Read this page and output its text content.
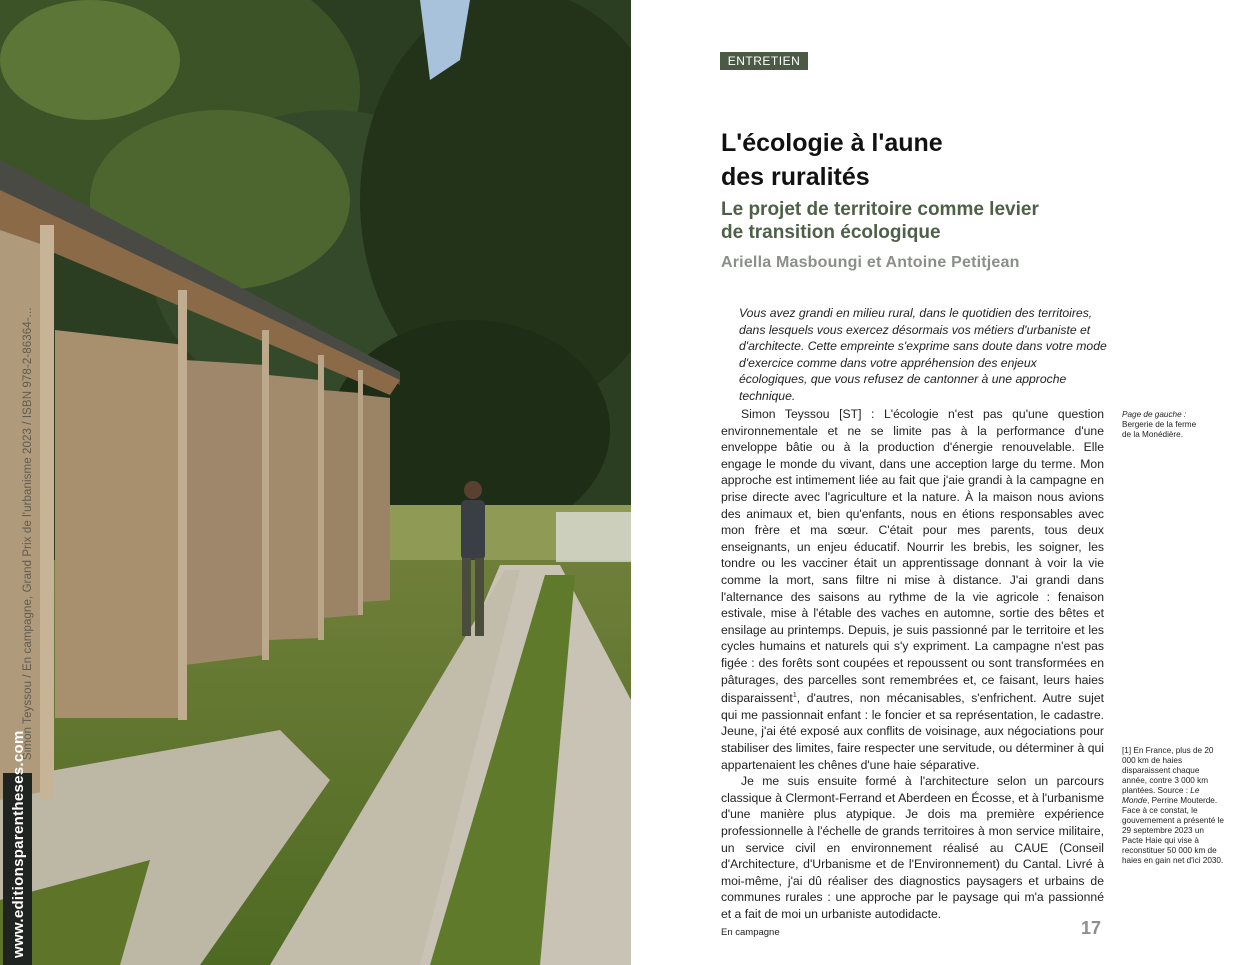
Simon Teyssou / En campagne, Grand Prix de l'urbanisme 2023 / ISBN 978-2-86364-...
www.editionsparentheses.com
ENTRETIEN
L'écologie à l'aune
des ruralités
Le projet de territoire comme levier
de transition écologique
Ariella Masboungi et Antoine Petitjean

Vous avez grandi en milieu rural, dans le quotidien des territoires, dans lesquels vous exercez désormais vos métiers d'urbaniste et d'architecte. Cette empreinte s'exprime sans doute dans votre mode d'exercice comme dans votre appréhension des enjeux écologiques, que vous refusez de cantonner à une approche technique.

Simon Teyssou [ST] : L'écologie n'est pas qu'une question environnementale et ne se limite pas à la performance d'une enveloppe bâtie ou à la production d'énergie renouvelable. Elle engage le monde du vivant, dans une acception large du terme. Mon approche est intimement liée au fait que j'aie grandi à la campagne en prise directe avec l'agriculture et la nature. À la maison nous avions des animaux et, bien qu'enfants, nous en étions responsables avec mon frère et ma sœur. C'était pour mes parents, tous deux enseignants, un enjeu éducatif. Nourrir les brebis, les soigner, les tondre ou les vacciner était un apprentissage donnant à voir la vie comme la mort, sans filtre ni mise à distance. J'ai grandi dans l'alternance des saisons au rythme de la vie agricole : fenaison estivale, mise à l'étable des vaches en automne, sortie des bêtes et ensilage au printemps. Depuis, je suis passionné par le territoire et les cycles humains et naturels qui s'y expriment. La campagne n'est pas figée : des forêts sont coupées et repoussent ou sont transformées en pâturages, des parcelles sont remembrées et, ce faisant, leurs haies disparaissent$^1$, d'autres, non mécanisables, s'enfrichent. Autre sujet qui me passionnait enfant : le foncier et sa représentation, le cadastre. Jeune, j'ai été exposé aux conflits de voisinage, aux négociations pour stabiliser des limites, faire respecter une servitude, ou déterminer à qui appartenaient les chênes d'une haie séparative.

Je me suis ensuite formé à l'architecture selon un parcours classique à Clermont-Ferrand et Aberdeen en Écosse, et à l'urbanisme d'une manière plus atypique. Je dois ma première expérience professionnelle à l'échelle de grands territoires à mon service militaire, un service civil en environnement réalisé au CAUE (Conseil d'Architecture, d'Urbanisme et de l'Environnement) du Cantal. Livré à moi-même, j'ai dû réaliser des diagnostics paysagers et urbains de communes rurales : une approche par le paysage qui m'a passionné et a fait de moi un urbaniste autodidacte.

Page de gauche :
Bergerie de la ferme de la Monédière.
[1] En France, plus de 20 000 km de haies disparaissent chaque année, contre 3 000 km plantées. Source : Le Monde, Perrine Mouterde. Face à ce constat, le gouvernement a présenté le 29 septembre 2023 un Pacte Haie qui vise à reconstituer 50 000 km de haies en gain net d'ici 2030.
En campagne	17
